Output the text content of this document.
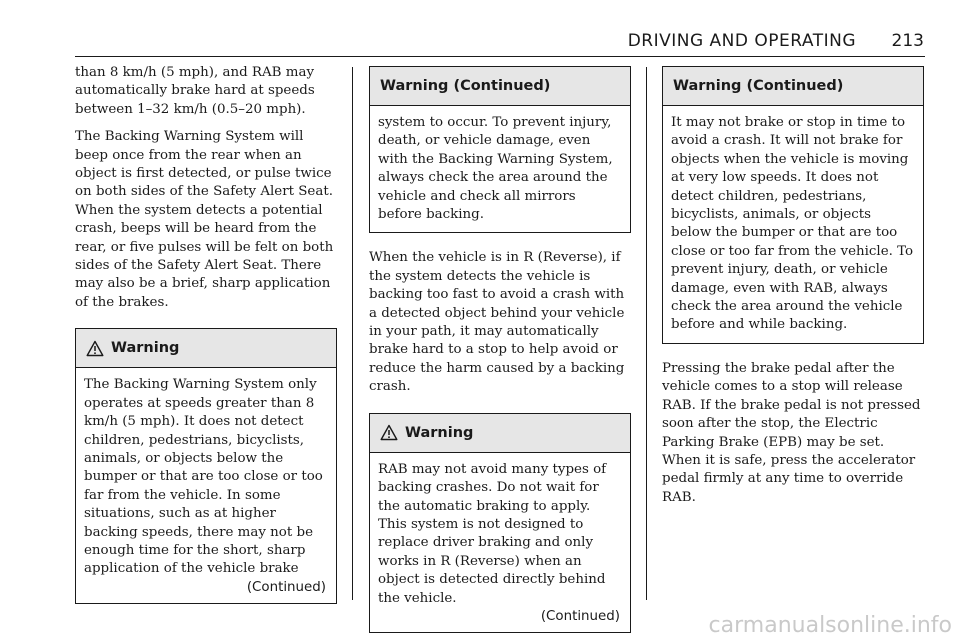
DRIVING AND OPERATING 213

than 8 km/h (5 mph), and RAB may automatically brake hard at speeds between 1–32 km/h (0.5–20 mph).

The Backing Warning System will beep once from the rear when an object is first detected, or pulse twice on both sides of the Safety Alert Seat. When the system detects a potential crash, beeps will be heard from the rear, or five pulses will be felt on both sides of the Safety Alert Seat. There may also be a brief, sharp application of the brakes.

Warning

The Backing Warning System only operates at speeds greater than 8 km/h (5 mph). It does not detect children, pedestrians, bicyclists, animals, or objects below the bumper or that are too close or too far from the vehicle. In some situations, such as at higher backing speeds, there may not be enough time for the short, sharp application of the vehicle brake

(Continued)
Warning (Continued)

system to occur. To prevent injury, death, or vehicle damage, even with the Backing Warning System, always check the area around the vehicle and check all mirrors before backing.

When the vehicle is in R (Reverse), if the system detects the vehicle is backing too fast to avoid a crash with a detected object behind your vehicle in your path, it may automatically brake hard to a stop to help avoid or reduce the harm caused by a backing crash.

Warning

RAB may not avoid many types of backing crashes. Do not wait for the automatic braking to apply. This system is not designed to replace driver braking and only works in R (Reverse) when an object is detected directly behind the vehicle.

(Continued)
Warning (Continued)

It may not brake or stop in time to avoid a crash. It will not brake for objects when the vehicle is moving at very low speeds. It does not detect children, pedestrians, bicyclists, animals, or objects below the bumper or that are too close or too far from the vehicle. To prevent injury, death, or vehicle damage, even with RAB, always check the area around the vehicle before and while backing.

Pressing the brake pedal after the vehicle comes to a stop will release RAB. If the brake pedal is not pressed soon after the stop, the Electric Parking Brake (EPB) may be set. When it is safe, press the accelerator pedal firmly at any time to override RAB.

carmanualsonline.info
